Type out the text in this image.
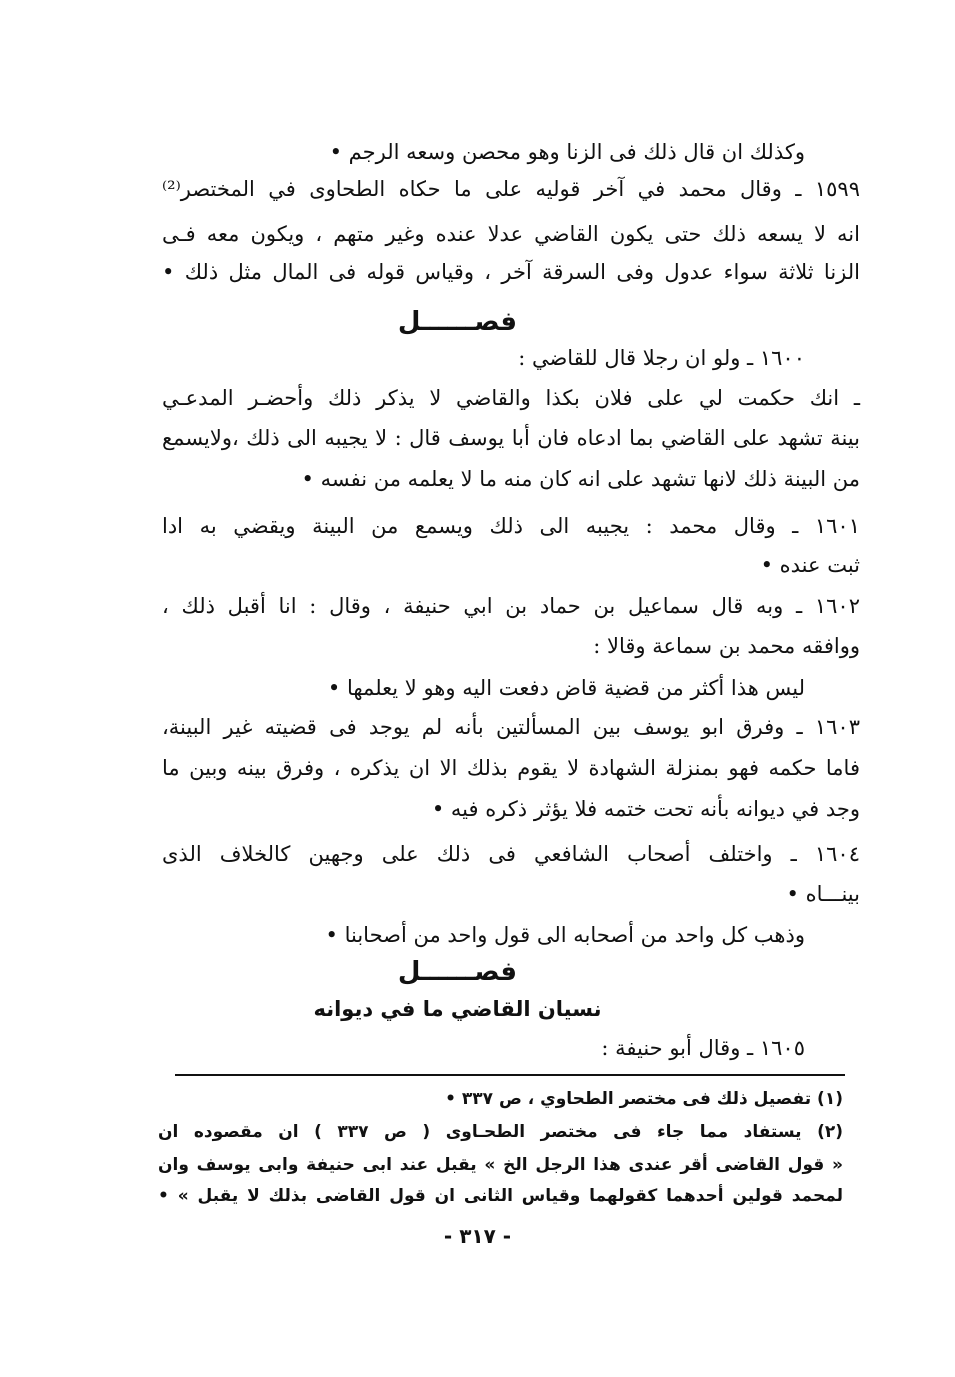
وكذلك ان قال ذلك فى الزنا وهو محصن وسعه الرجم •
١٥٩٩ ـ وقال محمد في آخر قوليه على ما حكاه الطحاوى في المختصر⁽²⁾
انه لا يسعه ذلك حتى يكون القاضي عدلا عنده وغير متهم ، ويكون معه فـى
الزنا ثلاثة سواء عدول وفى السرقة آخر ، وقياس قوله فى المال مثل ذلك •
فصــــــل
١٦٠٠ ـ ولو ان رجلا قال للقاضي :
ـ انك حكمت لي على فلان بكذا والقاضي لا يذكر ذلك وأحضـر المدعـي
بينة تشهد على القاضي بما ادعاه فان أبا يوسف قال : لا يجيبه الى ذلك ،ولايسمع
من البينة ذلك لانها تشهد على انه كان منه ما لا يعلمه من نفسه •
١٦٠١ ـ وقال محمد : يجيبه الى ذلك ويسمع من البينة ويقضي به ادا
ثبت عنده •
١٦٠٢ ـ وبه قال سماعيل بن حماد بن ابي حنيفة ، وقال : انا أقبل ذلك ،
ووافقه محمد بن سماعة وقالا :
ليس هذا أكثر من قضية قاض دفعت اليه وهو لا يعلمها •
١٦٠٣ ـ وفرق ابو يوسف بين المسألتين بأنه لم يوجد فى قضيته غير البينة،
فاما حكمه فهو بمنزلة الشهادة لا يقوم بذلك الا ان يذكره ، وفرق بينه وبين ما
وجد في ديوانه بأنه تحت ختمه فلا يؤثر ذكره فيه •
١٦٠٤ ـ واختلف أصحاب الشافعي فى ذلك على وجهين كالخلاف الذى
بينـــاه •
وذهب كل واحد من أصحابه الى قول واحد من أصحابنا •
فصــــــل
نسيان القاضي ما في ديوانه
١٦٠٥ ـ وقال أبو حنيفة :
(١) تفصيل ذلك فى مختصر الطحاوي ، ص ٣٣٧ •
(٢) يستفاد مما جاء فى مختصر الطحـاوى ( ص ٣٣٧ ) ان مقصوده ان
« قول القاضى أقر عندى هذا الرجل الخ » يقبل عند ابى حنيفة وابى يوسف وان
لمحمد قولين أحدهما كقولهما وقياس الثانى ان قول القاضى بذلك لا يقبل » •
- ٣١٧ -
